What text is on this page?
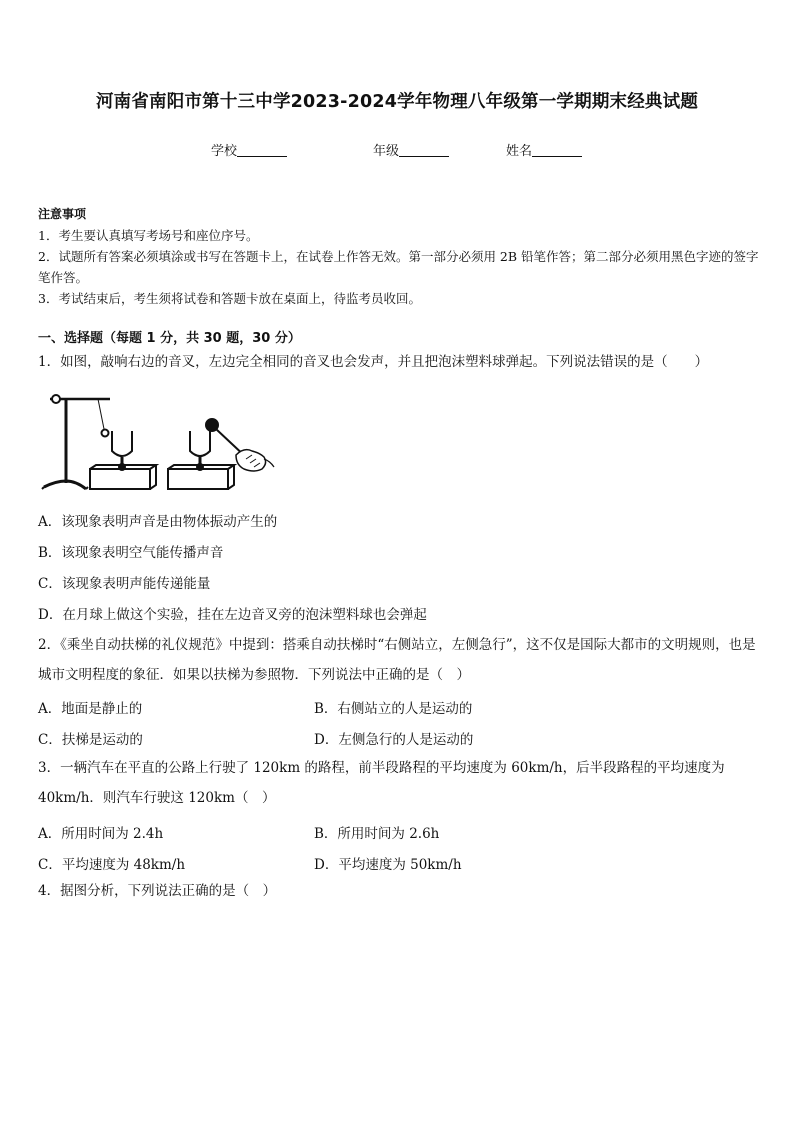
河南省南阳市第十三中学2023-2024学年物理八年级第一学期期末经典试题
学校	年级	姓名
注意事项
1．考生要认真填写考场号和座位序号。
2．试题所有答案必须填涂或书写在答题卡上，在试卷上作答无效。第一部分必须用 2B 铅笔作答；第二部分必须用黑色字迹的签字笔作答。
3．考试结束后，考生须将试卷和答题卡放在桌面上，待监考员收回。
一、选择题（每题 1 分，共 30 题，30 分）
1．如图，敲响右边的音叉，左边完全相同的音叉也会发声，并且把泡沫塑料球弹起。下列说法错误的是（　　）
A．该现象表明声音是由物体振动产生的
B．该现象表明空气能传播声音
C．该现象表明声能传递能量
D．在月球上做这个实验，挂在左边音叉旁的泡沫塑料球也会弹起
2．《乘坐自动扶梯的礼仪规范》中提到：搭乘自动扶梯时“右侧站立，左侧急行”，这不仅是国际大都市的文明规则，也是城市文明程度的象征．如果以扶梯为参照物．下列说法中正确的是（　）
A．地面是静止的	B．右侧站立的人是运动的
C．扶梯是运动的	D．左侧急行的人是运动的
3．一辆汽车在平直的公路上行驶了 120km 的路程，前半段路程的平均速度为 60km/h，后半段路程的平均速度为 40km/h．则汽车行驶这 120km（　）
A．所用时间为 2.4h	B．所用时间为 2.6h
C．平均速度为 48km/h	D．平均速度为 50km/h
4．据图分析，下列说法正确的是（　）
